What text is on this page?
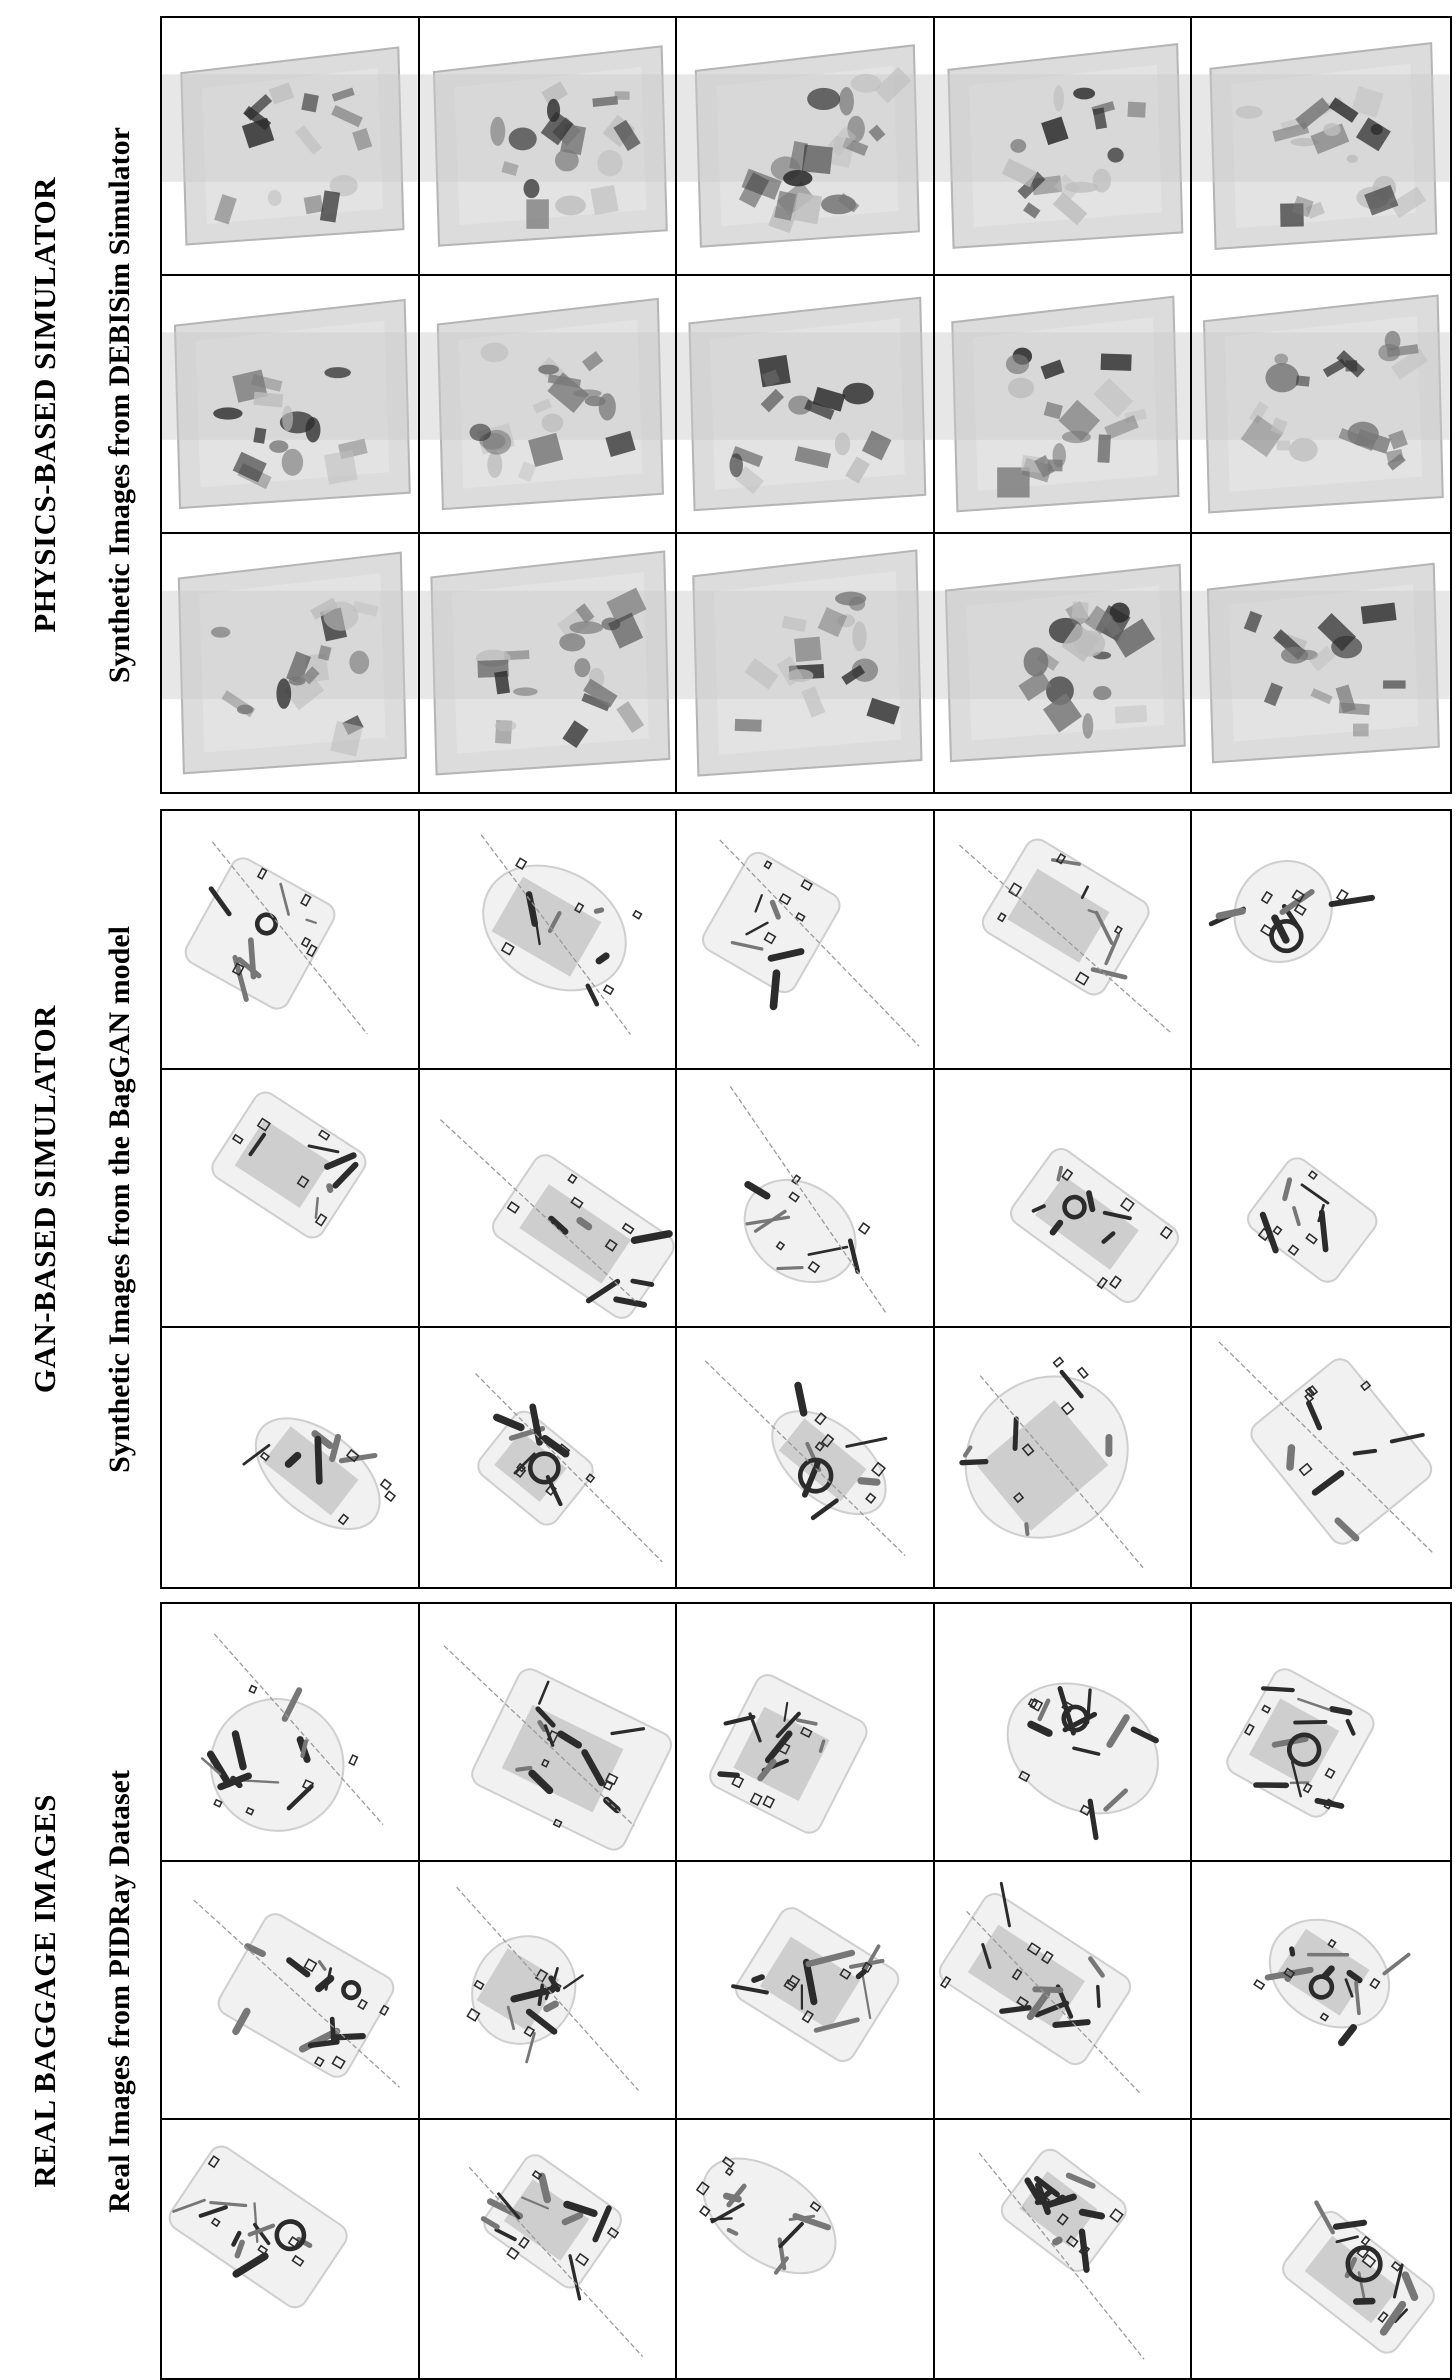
PHYSICS-BASED SIMULATOR Synthetic Images from DEBISim Simulator
GAN-BASED SIMULATOR Synthetic Images from the BagGAN model
REAL BAGGAGE IMAGES Real Images from PIDRay Dataset
